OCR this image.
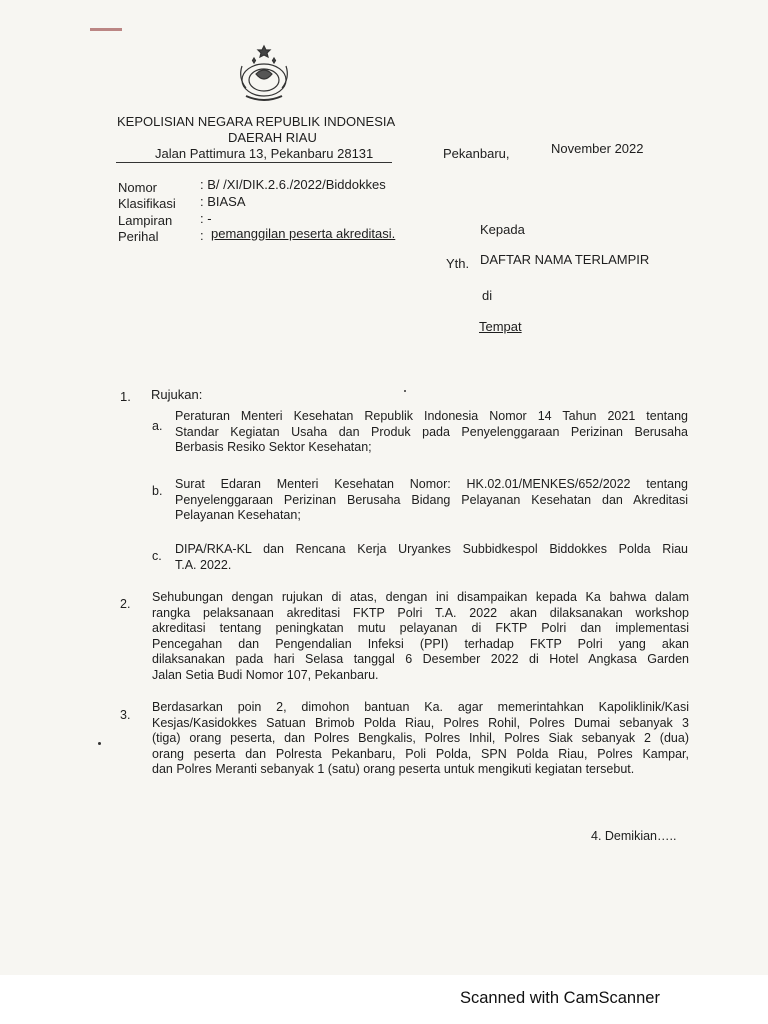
KEPOLISIAN NEGARA REPUBLIK INDONESIA
DAERAH RIAU
Jalan Pattimura 13, Pekanbaru 28131	Pekanbaru,	November 2022
Nomor	: B/ /XI/DIK.2.6./2022/Biddokkes
Klasifikasi : BIASA
Lampiran : -
Perihal	: pemanggilan peserta akreditasi.	Kepada
Yth. DAFTAR NAMA TERLAMPIR
di
Tempat
1. Rujukan:
a.
Peraturan Menteri Kesehatan Republik Indonesia Nomor 14 Tahun 2021 tentang
Standar Kegiatan Usaha dan Produk pada Penyelenggaraan Perizinan Berusaha
Berbasis Resiko Sektor Kesehatan;
b. Surat Edaran Menteri Kesehatan Nomor: HK.02.01/MENKES/652/2022 tentang
Penyelenggaraan Perizinan Berusaha Bidang Pelayanan Kesehatan dan Akreditasi
Pelayanan Kesehatan;
c. DIPA/RKA-KL dan Rencana Kerja Uryankes Subbidkespol Biddokkes Polda Riau
T.A. 2022.
2. Sehubungan dengan rujukan di atas, dengan ini disampaikan kepada Ka bahwa dalam
rangka pelaksanaan akreditasi FKTP Polri T.A. 2022 akan dilaksanakan workshop
akreditasi tentang peningkatan mutu pelayanan di FKTP Polri dan implementasi
Pencegahan dan Pengendalian Infeksi (PPI) terhadap FKTP Polri yang akan
dilaksanakan pada hari Selasa tanggal 6 Desember 2022 di Hotel Angkasa Garden
Jalan Setia Budi Nomor 107, Pekanbaru.
3.
Berdasarkan poin 2, dimohon bantuan Ka. agar memerintahkan Kapoliklinik/Kasi
Kesjas/Kasidokkes Satuan Brimob Polda Riau, Polres Rohil, Polres Dumai sebanyak 3
(tiga) orang peserta, dan Polres Bengkalis, Polres Inhil, Polres Siak sebanyak 2 (dua)
orang peserta dan Polresta Pekanbaru, Poli Polda, SPN Polda Riau, Polres Kampar,
dan Polres Meranti sebanyak 1 (satu) orang peserta untuk mengikuti kegiatan tersebut.
4. Demikian…..
Scanned with CamScanner
